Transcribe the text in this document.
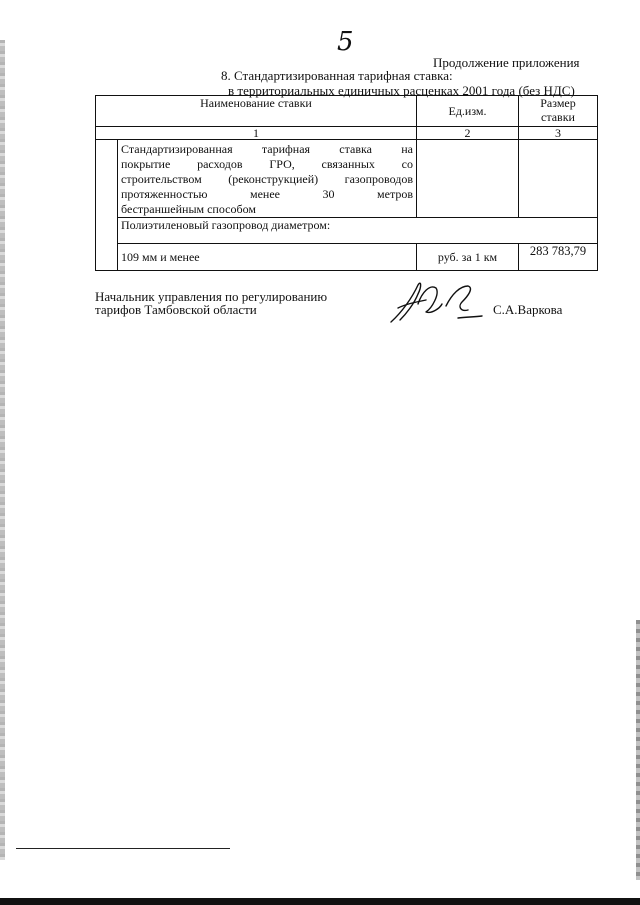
5
Продолжение приложения
8. Стандартизированная тарифная ставка:
в территориальных единичных расценках 2001 года (без НДС)
Наименование ставки		Ед.изм.	Размер
ставки
1		2	3

	Стандартизированная тарифная ставка на
покрытие расходов ГРО, связанных со
строительством (реконструкцией) газопроводов
протяженностью менее 30 метров
бестраншейным способом		

	Полиэтиленовый газопровод диаметром:		
	109 мм и менее	руб. за 1 км	283 783,79
Начальник управления по регулированию
тарифов Тамбовской области	С.А.Варкова
